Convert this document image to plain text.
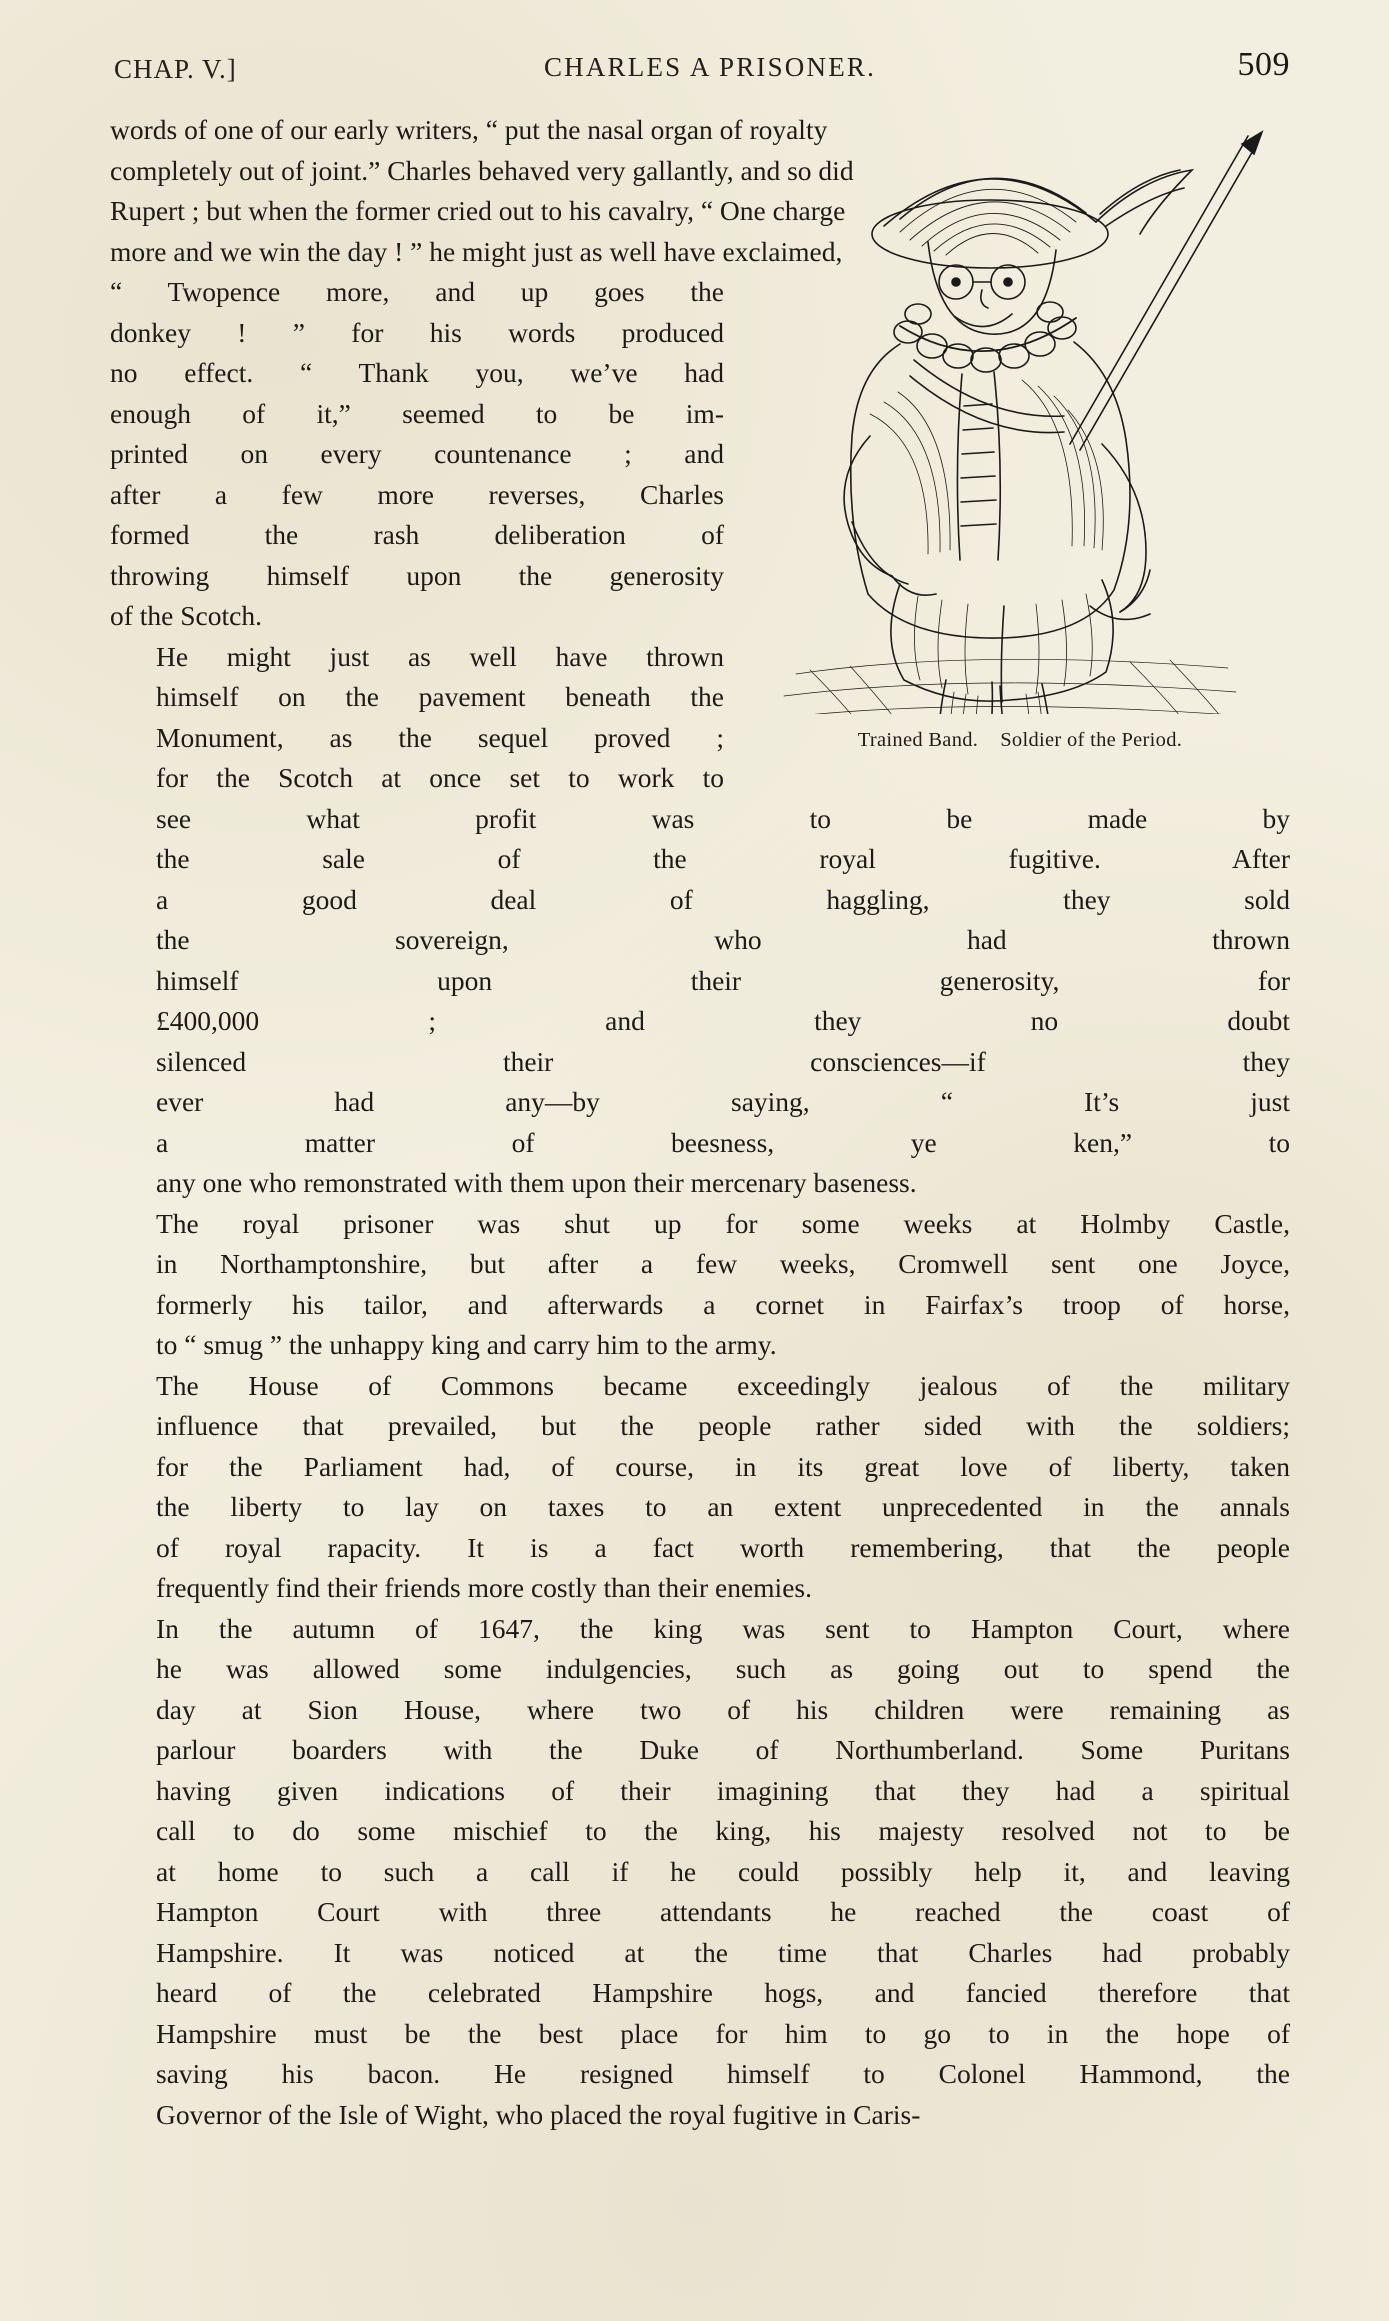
CHAP. V.]	CHARLES A PRISONER.	509
Trained Band. Soldier of the Period.

words of one of our early writers, “ put the nasal organ of royalty
completely out of joint.” Charles behaved very gallantly, and so did
Rupert ; but when the former cried out to his cavalry, “ One charge
more and we win the day ! ” he might just as well have exclaimed,
“ Twopence more, and up goes the
donkey ! ” for his words produced
no effect. “ Thank you, we’ve had
enough of it,” seemed to be im-
printed on every countenance ; and
after a few more reverses, Charles
formed the rash deliberation of
throwing himself upon the generosity
of the Scotch.

He might just as well have thrown
himself on the pavement beneath the
Monument, as the sequel proved ;
for the Scotch at once set to work to
see what profit was to be made by
the sale of the royal fugitive. After
a good deal of haggling, they sold
the sovereign, who had thrown
himself upon their generosity, for
£400,000 ; and they no doubt
silenced their consciences—if they
ever had any—by saying, “ It’s just
a matter of beesness, ye ken,” to
any one who remonstrated with them upon their mercenary baseness.

The royal prisoner was shut up for some weeks at Holmby Castle,
in Northamptonshire, but after a few weeks, Cromwell sent one Joyce,
formerly his tailor, and afterwards a cornet in Fairfax’s troop of horse,
to “ smug ” the unhappy king and carry him to the army.

The House of Commons became exceedingly jealous of the military
influence that prevailed, but the people rather sided with the soldiers;
for the Parliament had, of course, in its great love of liberty, taken
the liberty to lay on taxes to an extent unprecedented in the annals
of royal rapacity. It is a fact worth remembering, that the people
frequently find their friends more costly than their enemies.

In the autumn of 1647, the king was sent to Hampton Court, where
he was allowed some indulgencies, such as going out to spend the
day at Sion House, where two of his children were remaining as
parlour boarders with the Duke of Northumberland. Some Puritans
having given indications of their imagining that they had a spiritual
call to do some mischief to the king, his majesty resolved not to be
at home to such a call if he could possibly help it, and leaving
Hampton Court with three attendants he reached the coast of
Hampshire. It was noticed at the time that Charles had probably
heard of the celebrated Hampshire hogs, and fancied therefore that
Hampshire must be the best place for him to go to in the hope of
saving his bacon. He resigned himself to Colonel Hammond, the
Governor of the Isle of Wight, who placed the royal fugitive in Caris-
